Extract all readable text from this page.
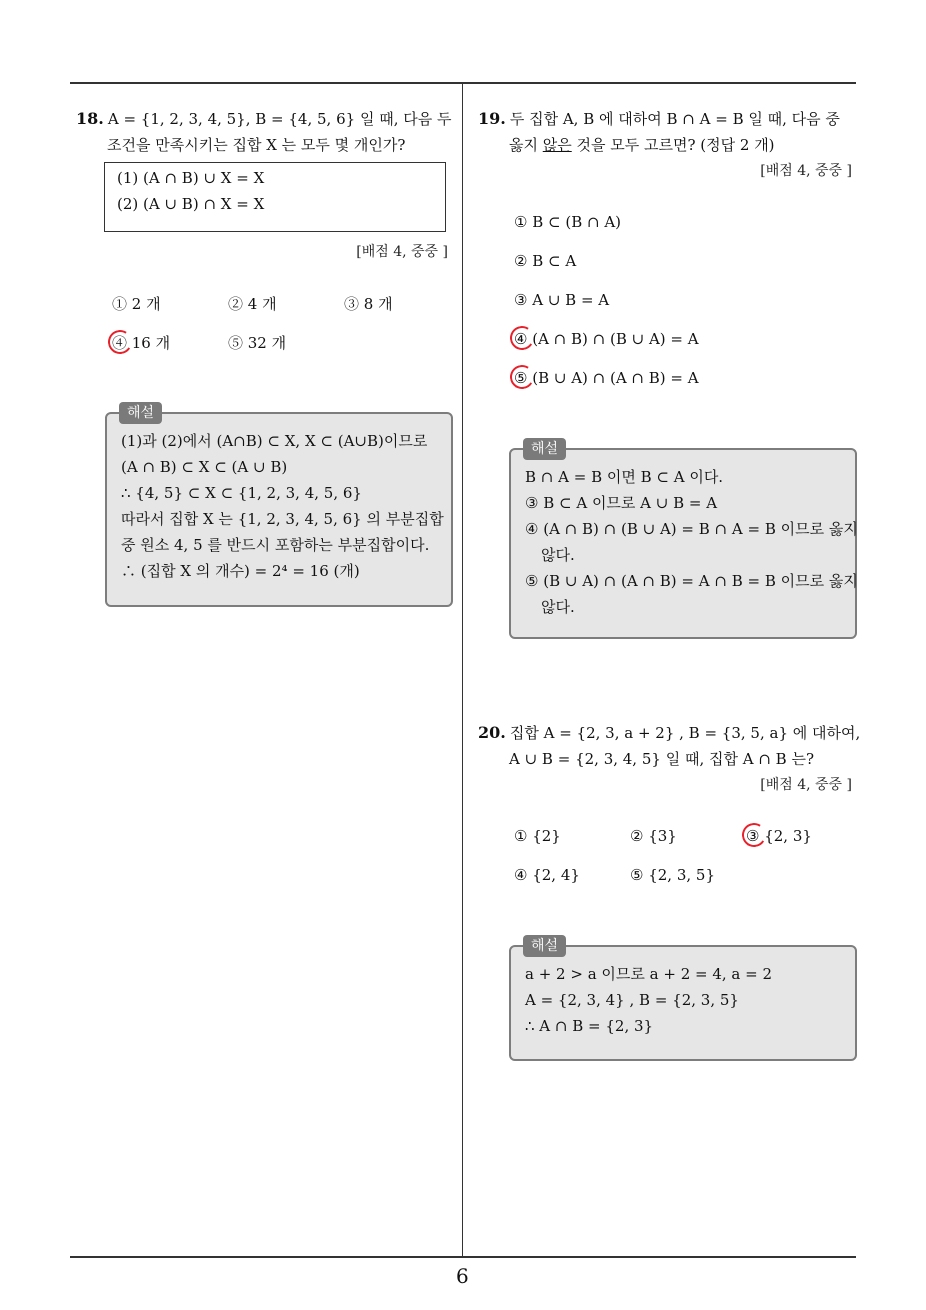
18. A = {1, 2, 3, 4, 5}, B = {4, 5, 6} 일 때, 다음 두
조건을 만족시키는 집합 X 는 모두 몇 개인가?
(1) (A ∩ B) ∪ X = X
(2) (A ∪ B) ∩ X = X
[배점 4, 중중 ]
① 2 개	② 4 개	③ 8 개
④ 16 개	⑤ 32 개
해설
(1)과 (2)에서 (A∩B) ⊂ X, X ⊂ (A∪B)이므로
(A ∩ B) ⊂ X ⊂ (A ∪ B)
∴ {4, 5} ⊂ X ⊂ {1, 2, 3, 4, 5, 6}
따라서 집합 X 는 {1, 2, 3, 4, 5, 6} 의 부분집합
중 원소 4, 5 를 반드시 포함하는 부분집합이다.
∴ (집합 X 의 개수) = 2⁴ = 16 (개)
19. 두 집합 A, B 에 대하여 B ∩ A = B 일 때, 다음 중
옳지 않은 것을 모두 고르면? (정답 2 개)
[배점 4, 중중 ]
① B ⊂ (B ∩ A)
② B ⊂ A
③ A ∪ B = A
④ (A ∩ B) ∩ (B ∪ A) = A
⑤ (B ∪ A) ∩ (A ∩ B) = A
해설
B ∩ A = B 이면 B ⊂ A 이다.
③ B ⊂ A 이므로 A ∪ B = A
④ (A ∩ B) ∩ (B ∪ A) = B ∩ A = B 이므로 옳지
않다.
⑤ (B ∪ A) ∩ (A ∩ B) = A ∩ B = B 이므로 옳지
않다.
20. 집합 A = {2, 3, a + 2} , B = {3, 5, a} 에 대하여,
A ∪ B = {2, 3, 4, 5} 일 때, 집합 A ∩ B 는?
[배점 4, 중중 ]
① {2}	② {3}	③ {2, 3}
④ {2, 4}	⑤ {2, 3, 5}
해설
a + 2 > a 이므로 a + 2 = 4, a = 2
A = {2, 3, 4} , B = {2, 3, 5}
∴ A ∩ B = {2, 3}
6
